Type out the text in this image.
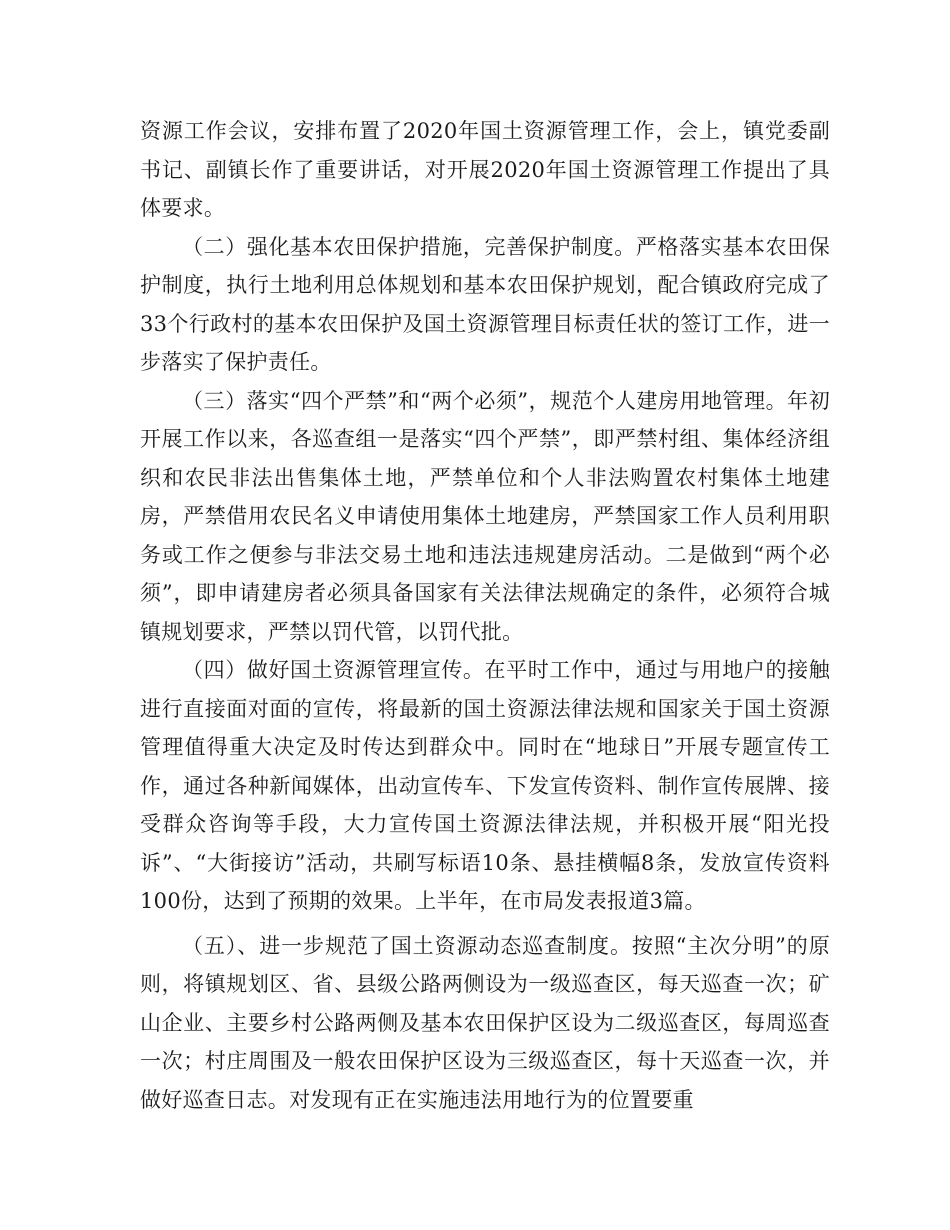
资源工作会议，安排布置了2020年国土资源管理工作，会上，镇党委副书记、副镇长作了重要讲话，对开展2020年国土资源管理工作提出了具体要求。

（二）强化基本农田保护措施，完善保护制度。严格落实基本农田保护制度，执行土地利用总体规划和基本农田保护规划，配合镇政府完成了33个行政村的基本农田保护及国土资源管理目标责任状的签订工作，进一步落实了保护责任。

（三）落实“四个严禁”和“两个必须”，规范个人建房用地管理。年初开展工作以来，各巡查组一是落实“四个严禁”，即严禁村组、集体经济组织和农民非法出售集体土地，严禁单位和个人非法购置农村集体土地建房，严禁借用农民名义申请使用集体土地建房，严禁国家工作人员利用职务或工作之便参与非法交易土地和违法违规建房活动。二是做到“两个必须”，即申请建房者必须具备国家有关法律法规确定的条件，必须符合城镇规划要求，严禁以罚代管，以罚代批。

（四）做好国土资源管理宣传。在平时工作中，通过与用地户的接触进行直接面对面的宣传，将最新的国土资源法律法规和国家关于国土资源管理值得重大决定及时传达到群众中。同时在“地球日”开展专题宣传工作，通过各种新闻媒体，出动宣传车、下发宣传资料、制作宣传展牌、接受群众咨询等手段，大力宣传国土资源法律法规，并积极开展“阳光投诉”、“大街接访”活动，共刷写标语10条、悬挂横幅8条，发放宣传资料100份，达到了预期的效果。上半年，在市局发表报道3篇。

（五）、进一步规范了国土资源动态巡查制度。按照“主次分明”的原则，将镇规划区、省、县级公路两侧设为一级巡查区，每天巡查一次；矿山企业、主要乡村公路两侧及基本农田保护区设为二级巡查区，每周巡查一次；村庄周围及一般农田保护区设为三级巡查区，每十天巡查一次，并做好巡查日志。对发现有正在实施违法用地行为的位置要重
